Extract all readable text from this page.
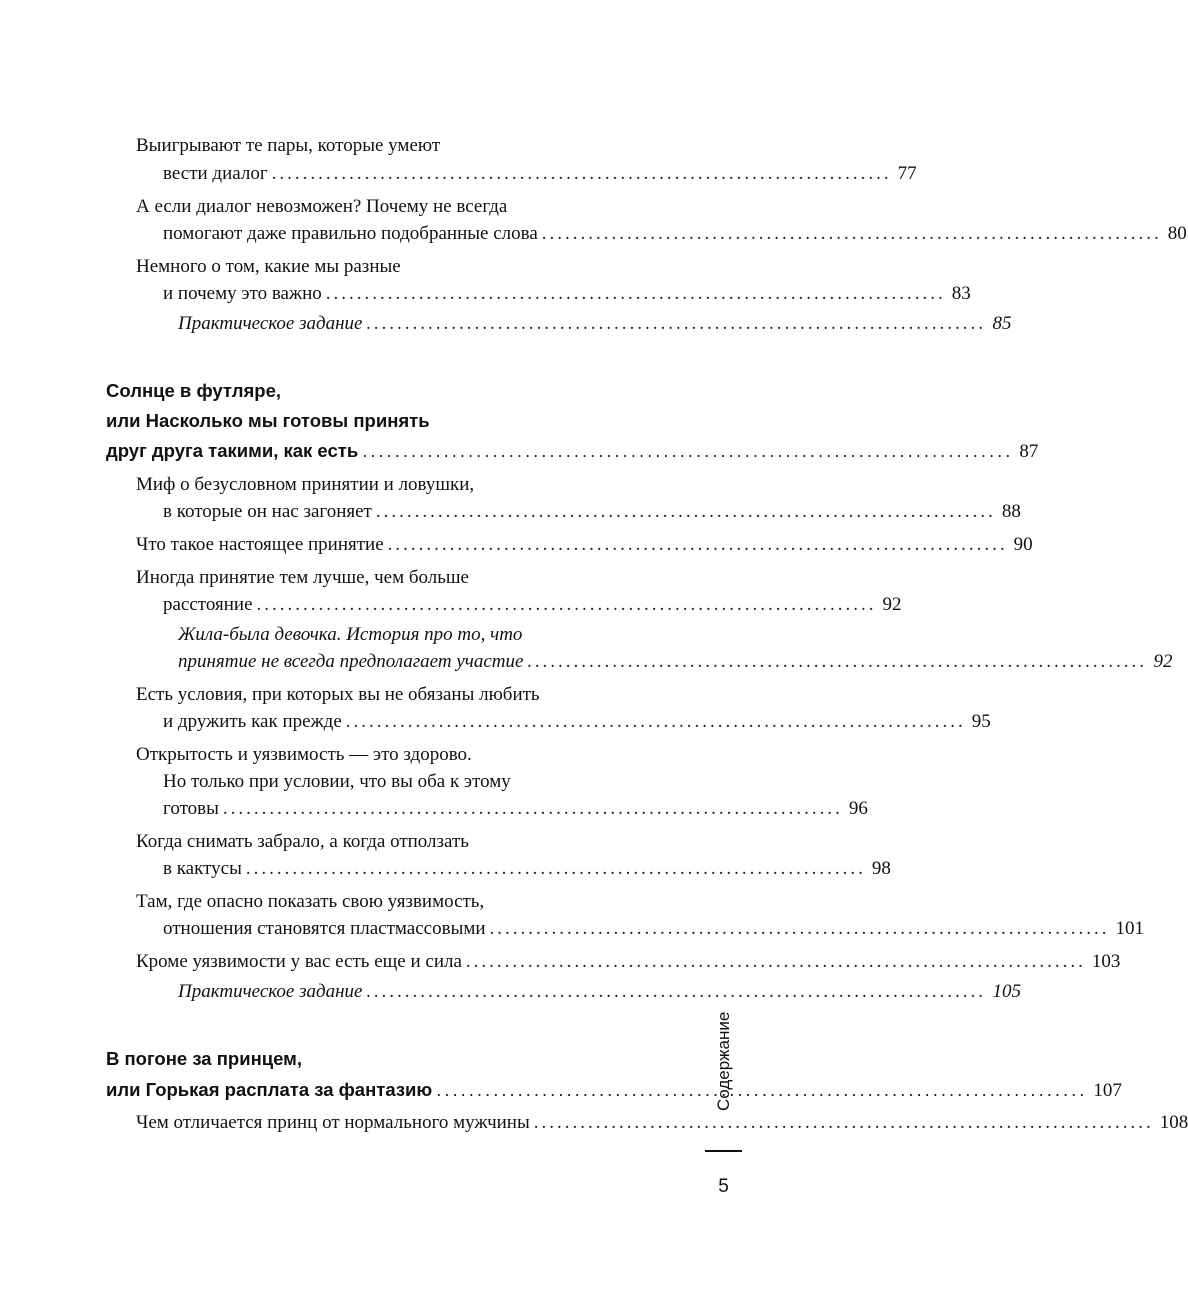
Выигрывают те пары, которые умеют
вести диалог ................................................................................ 77
А если диалог невозможен? Почему не всегда
помогают даже правильно подобранные слова ................................................................................ 80
Немного о том, какие мы разные
и почему это важно ................................................................................ 83
Практическое задание ................................................................................ 85
Солнце в футляре,
или Насколько мы готовы принять
друг друга такими, как есть ................................................................................ 87
Миф о безусловном принятии и ловушки,
в которые он нас загоняет ................................................................................ 88
Что такое настоящее принятие ................................................................................ 90
Иногда принятие тем лучше, чем больше
расстояние ................................................................................ 92
Жила-была девочка. История про то, что
принятие не всегда предполагает участие ................................................................................ 92
Есть условия, при которых вы не обязаны любить
и дружить как прежде ................................................................................ 95
Открытость и уязвимость — это здорово.
Но только при условии, что вы оба к этому
готовы ................................................................................ 96
Когда снимать забрало, а когда отползать
в кактусы ................................................................................ 98
Там, где опасно показать свою уязвимость,
отношения становятся пластмассовыми ................................................................................ 101
Кроме уязвимости у вас есть еще и сила ................................................................................ 103
Практическое задание ................................................................................ 105
В погоне за принцем,
или Горькая расплата за фантазию ................................................................................ 107
Чем отличается принц от нормального мужчины ................................................................................ 108
Содержание
5
